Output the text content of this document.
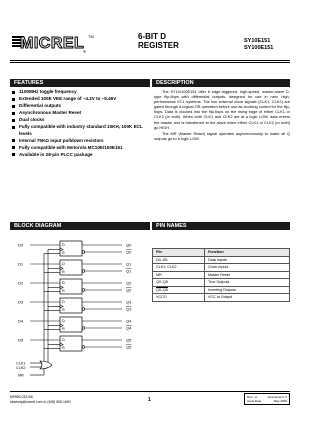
MICREL TM
®
6-BIT D
REGISTER	SY10E151
SY100E151
FEATURES
1100MHz toggle frequency
Extended 100E VEE range of –4.2V to –5.46V
Differential outputs
Asynchronous Master Reset
Dual clocks
Fully compatible with industry standard 10KH, 100K ECL levels
Internal 75KΩ input pulldown resistors
Fully compatible with Motorola MC10E/100E151
Available in 28-pin PLCC package
DESCRIPTION

The SY10/100E151 offer 6 edge-triggered, high-speed, master-slave D-type flip-flops with differential outputs, designed for use in new, high-performance ECL systems. The two external clock signals (CLK1, CLK2) are gated through a logical OR operation before use as clocking control for the flip-flops. Data is clocked into the flip-flops on the rising edge of either CLK1 or CLK2 (or both). When both CLK1 and CLK2 are at a logic LOW, data enters the master and is transferred to the slave when either CLK1 or CLK2 (or both) go HIGH.

The MR (Master Reset) signal operates asynchronously to make all Q outputs go to a logic LOW.

BLOCK DIAGRAM
D
R
D0	Q0
Q0
D
R
D1	Q1
Q1
D
R
D2	Q2
Q2
D
R
D3	Q3
Q3
D
R
D4	Q4
Q4
D
R
D5	Q5
Q5
CLK1
CLK2
MR
PIN NAMES
Pin	Function
D0–D5	Data Inputs
CLK1, CLK2	Clock Inputs
MR	Master Reset
Q0–Q5	True Outputs
Q0–Q5	Inverting Outputs
VCCO	VCC to Output
M9999-032106
hbwhelp@micrel.com or (408) 955-1690	1	Rev.: H	Amendment: 0
Issue Date:	May 2006
